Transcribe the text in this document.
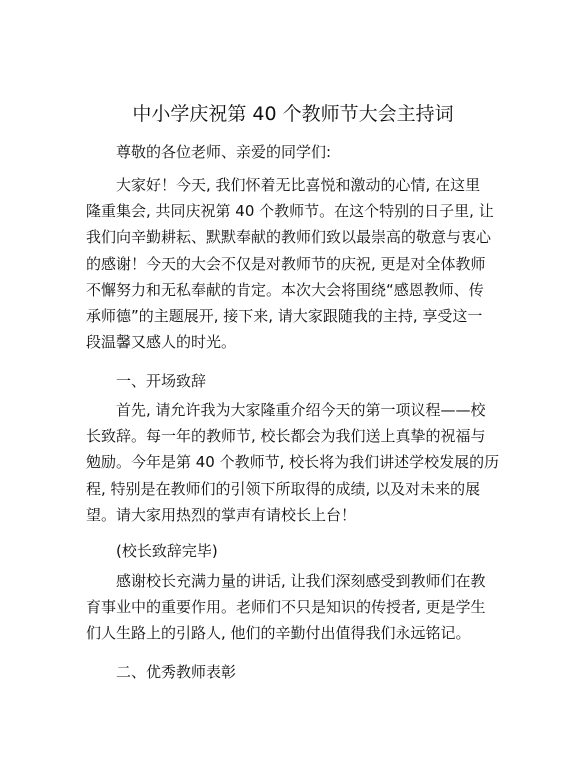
中小学庆祝第 40 个教师节大会主持词
尊敬的各位老师、亲爱的同学们:
大家好！今天, 我们怀着无比喜悦和激动的心情, 在这里
隆重集会, 共同庆祝第 40 个教师节。在这个特别的日子里, 让
我们向辛勤耕耘、默默奉献的教师们致以最崇高的敬意与衷心
的感谢！今天的大会不仅是对教师节的庆祝, 更是对全体教师
不懈努力和无私奉献的肯定。本次大会将围绕“感恩教师、传
承师德”的主题展开, 接下来, 请大家跟随我的主持, 享受这一
段温馨又感人的时光。
一、开场致辞
首先, 请允许我为大家隆重介绍今天的第一项议程——校
长致辞。每一年的教师节, 校长都会为我们送上真挚的祝福与
勉励。今年是第 40 个教师节, 校长将为我们讲述学校发展的历
程, 特别是在教师们的引领下所取得的成绩, 以及对未来的展
望。请大家用热烈的掌声有请校长上台！
(校长致辞完毕)
感谢校长充满力量的讲话, 让我们深刻感受到教师们在教
育事业中的重要作用。老师们不只是知识的传授者, 更是学生
们人生路上的引路人, 他们的辛勤付出值得我们永远铭记。
二、优秀教师表彰
